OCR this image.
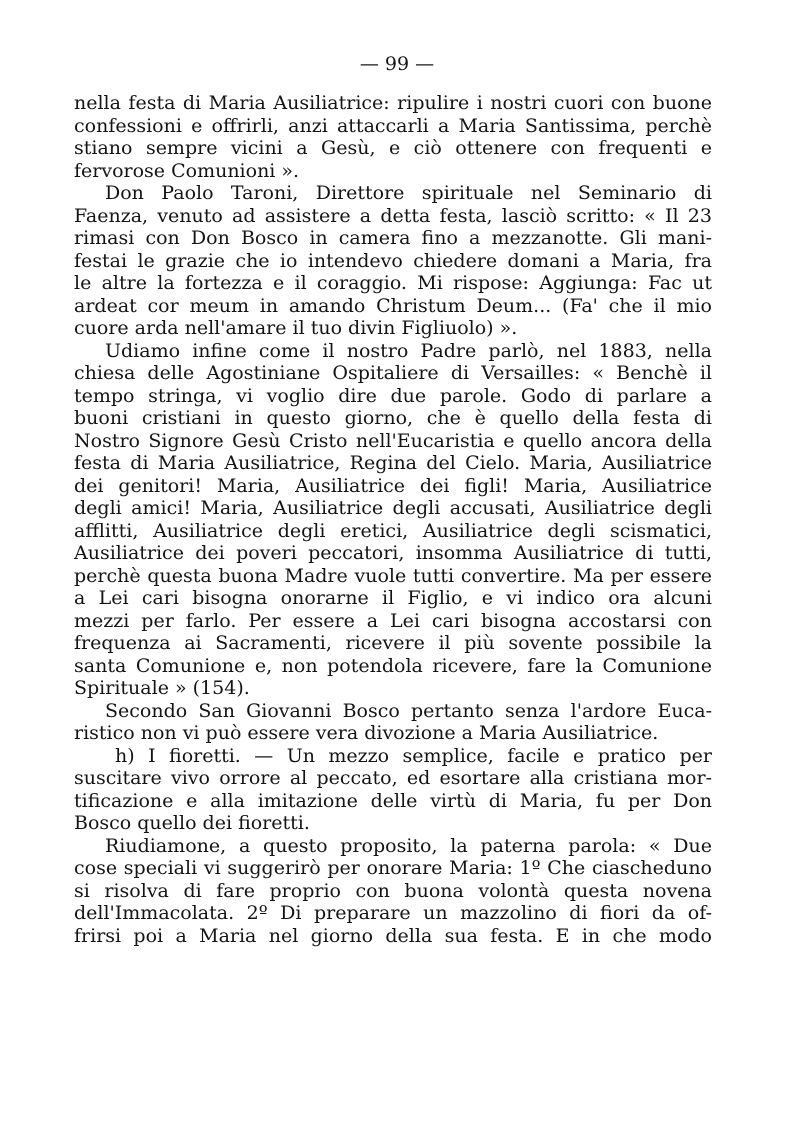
— 99 —
nella festa di Maria Ausiliatrice: ripulire i nostri cuori con buone
confessioni e offrirli, anzi attaccarli a Maria Santissima, perchè
stiano sempre vicini a Gesù, e ciò ottenere con frequenti e
fervorose Comunioni ».
Don Paolo Taroni, Direttore spirituale nel Seminario di
Faenza, venuto ad assistere a detta festa, lasciò scritto: « Il 23
rimasi con Don Bosco in camera fino a mezzanotte. Gli mani-
festai le grazie che io intendevo chiedere domani a Maria, fra
le altre la fortezza e il coraggio. Mi rispose: Aggiunga: Fac ut
ardeat cor meum in amando Christum Deum... (Fa' che il mio
cuore arda nell'amare il tuo divin Figliuolo) ».
Udiamo infine come il nostro Padre parlò, nel 1883, nella
chiesa delle Agostiniane Ospitaliere di Versailles: « Benchè il
tempo stringa, vi voglio dire due parole. Godo di parlare a
buoni cristiani in questo giorno, che è quello della festa di
Nostro Signore Gesù Cristo nell'Eucaristia e quello ancora della
festa di Maria Ausiliatrice, Regina del Cielo. Maria, Ausiliatrice
dei genitori! Maria, Ausiliatrice dei figli! Maria, Ausiliatrice
degli amici! Maria, Ausiliatrice degli accusati, Ausiliatrice degli
afflitti, Ausiliatrice degli eretici, Ausiliatrice degli scismatici,
Ausiliatrice dei poveri peccatori, insomma Ausiliatrice di tutti,
perchè questa buona Madre vuole tutti convertire. Ma per essere
a Lei cari bisogna onorarne il Figlio, e vi indico ora alcuni
mezzi per farlo. Per essere a Lei cari bisogna accostarsi con
frequenza ai Sacramenti, ricevere il più sovente possibile la
santa Comunione e, non potendola ricevere, fare la Comunione
Spirituale » (154).
Secondo San Giovanni Bosco pertanto senza l'ardore Euca-
ristico non vi può essere vera divozione a Maria Ausiliatrice.
h) I fioretti. — Un mezzo semplice, facile e pratico per
suscitare vivo orrore al peccato, ed esortare alla cristiana mor-
tificazione e alla imitazione delle virtù di Maria, fu per Don
Bosco quello dei fioretti.
Riudiamone, a questo proposito, la paterna parola: « Due
cose speciali vi suggerirò per onorare Maria: 1º Che ciascheduno
si risolva di fare proprio con buona volontà questa novena
dell'Immacolata. 2º Di preparare un mazzolino di fiori da of-
frirsi poi a Maria nel giorno della sua festa. E in che modo
